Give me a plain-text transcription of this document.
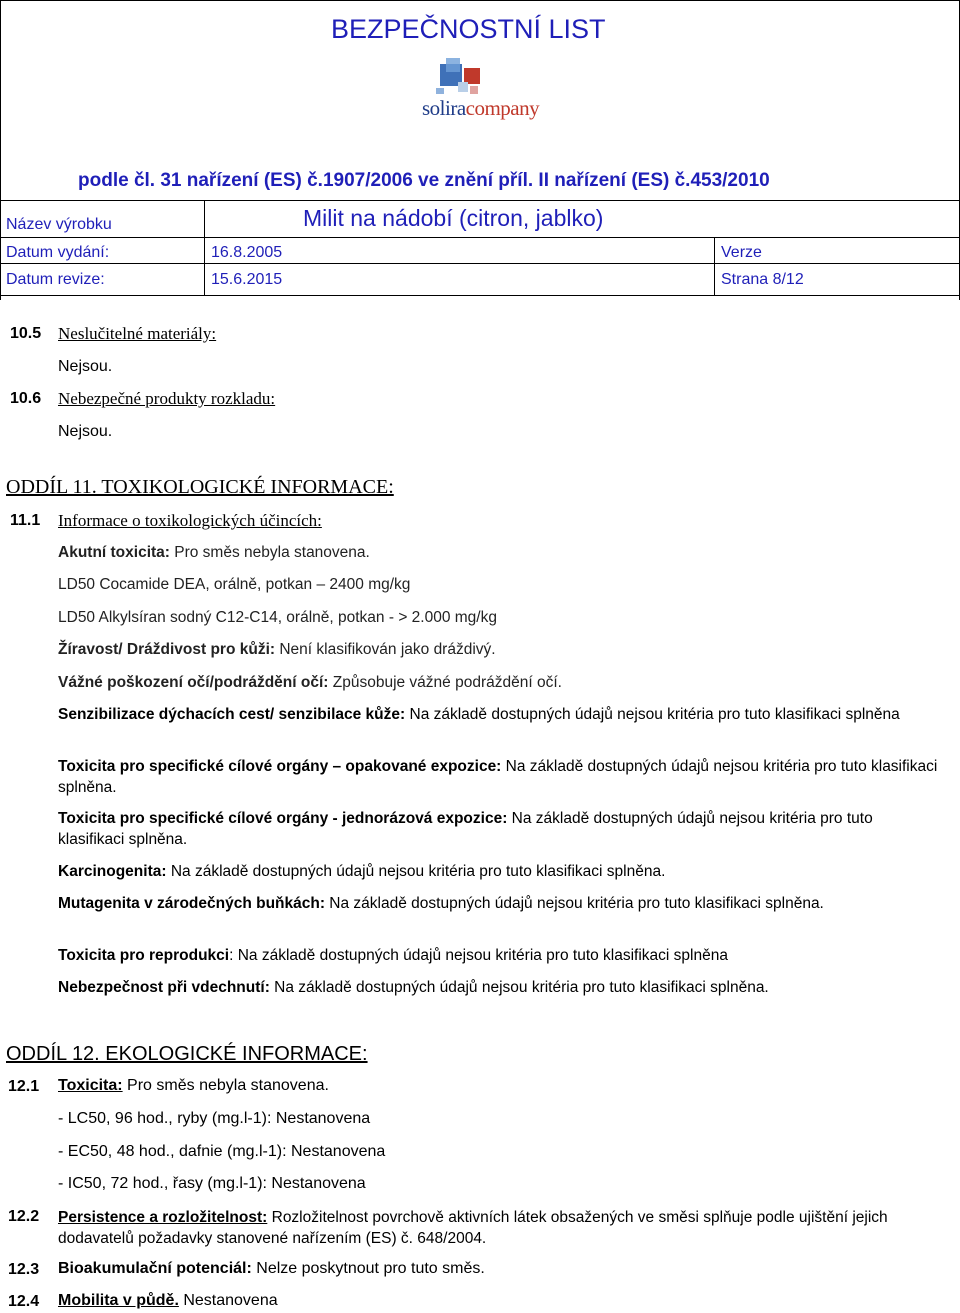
BEZPEČNOSTNÍ LIST
soliracompany
podle čl. 31 nařízení (ES) č.1907/2006 ve znění příl. II nařízení (ES) č.453/2010
Název výrobku	Milit na nádobí (citron, jablko)
Datum vydání:	16.8.2005	Verze
Datum revize:	15.6.2015	Strana 8/12
10.5 Neslučitelné materiály:
Nejsou.
10.6 Nebezpečné produkty rozkladu:
Nejsou.
ODDÍL 11. TOXIKOLOGICKÉ INFORMACE:
11.1 Informace o toxikologických účincích:
Akutní toxicita: Pro směs nebyla stanovena.
LD50 Cocamide DEA, orálně, potkan – 2400 mg/kg
LD50 Alkylsíran sodný C12-C14, orálně, potkan - > 2.000 mg/kg
Žíravost/ Dráždivost pro kůži: Není klasifikován jako dráždivý.
Vážné poškození očí/podráždění očí: Způsobuje vážné podráždění očí.
Senzibilizace dýchacích cest/ senzibilace kůže: Na základě dostupných údajů nejsou kritéria pro tuto klasifikaci splněna
Toxicita pro specifické cílové orgány – opakované expozice: Na základě dostupných údajů nejsou kritéria pro tuto klasifikaci splněna.
Toxicita pro specifické cílové orgány - jednorázová expozice: Na základě dostupných údajů nejsou kritéria pro tuto klasifikaci splněna.
Karcinogenita: Na základě dostupných údajů nejsou kritéria pro tuto klasifikaci splněna.
Mutagenita v zárodečných buňkách: Na základě dostupných údajů nejsou kritéria pro tuto klasifikaci splněna.
Toxicita pro reprodukci: Na základě dostupných údajů nejsou kritéria pro tuto klasifikaci splněna
Nebezpečnost při vdechnutí: Na základě dostupných údajů nejsou kritéria pro tuto klasifikaci splněna.
ODDÍL 12. EKOLOGICKÉ INFORMACE:
12.1 Toxicita: Pro směs nebyla stanovena.
- LC50, 96 hod., ryby (mg.l-1): Nestanovena
- EC50, 48 hod., dafnie (mg.l-1): Nestanovena
- IC50, 72 hod., řasy (mg.l-1): Nestanovena
12.2 Persistence a rozložitelnost: Rozložitelnost povrchově aktivních látek obsažených ve směsi splňuje podle ujištění jejich dodavatelů požadavky stanovené nařízením (ES) č. 648/2004.
12.3 Bioakumulační potenciál: Nelze poskytnout pro tuto směs.
12.4 Mobilita v půdě. Nestanovena
